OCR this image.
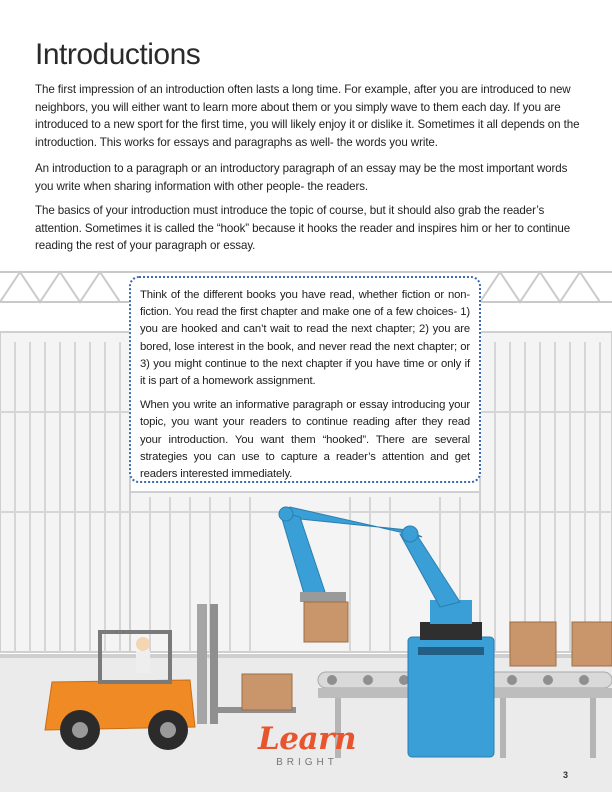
Introductions

The first impression of an introduction often lasts a long time. For example, after you are introduced to new neighbors, you will either want to learn more about them or you simply wave to them each day. If you are introduced to a new sport for the first time, you will likely enjoy it or dislike it. Sometimes it all depends on the introduction. This works for essays and paragraphs as well- the words you write.

An introduction to a paragraph or an introductory paragraph of an essay may be the most important words you write when sharing information with other people- the readers.

The basics of your introduction must introduce the topic of course, but it should also grab the reader’s attention. Sometimes it is called the “hook” because it hooks the reader and inspires him or her to continue reading the rest of your paragraph or essay.

Think of the different books you have read, whether fiction or non-fiction. You read the first chapter and make one of a few choices- 1) you are hooked and can’t wait to read the next chapter; 2) you are bored, lose interest in the book, and never read the next chapter; or 3) you might continue to the next chapter if you have time or only if it is part of a homework assignment.

When you write an informative paragraph or essay introducing your topic, you want your readers to continue reading after they read your introduction. You want them “hooked”. There are several strategies you can use to capture a reader’s attention and get readers interested immediately.

Learn
BRIGHT
3
